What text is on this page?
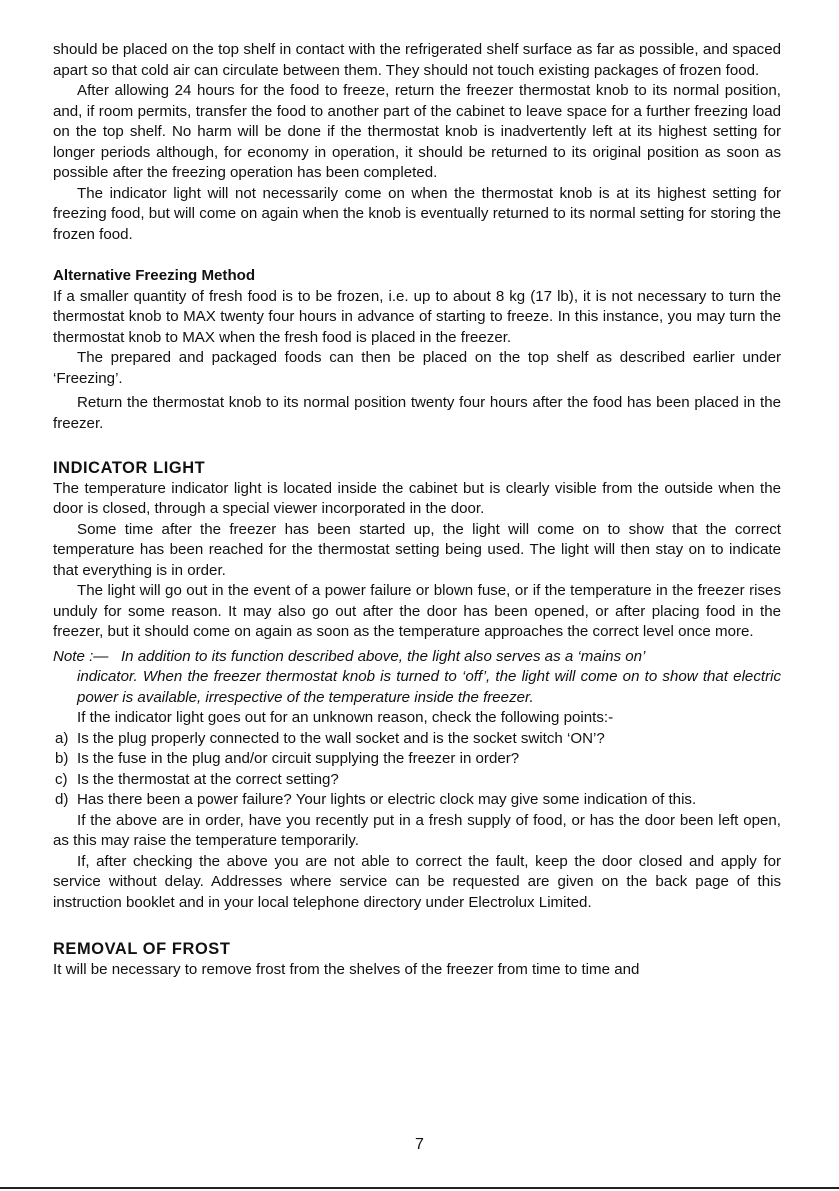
should be placed on the top shelf in contact with the refrigerated shelf surface as far as possible, and spaced apart so that cold air can circulate between them. They should not touch existing packages of frozen food.

After allowing 24 hours for the food to freeze, return the freezer thermostat knob to its normal position, and, if room permits, transfer the food to another part of the cabinet to leave space for a further freezing load on the top shelf. No harm will be done if the thermostat knob is inadvertently left at its highest setting for longer periods although, for economy in operation, it should be returned to its original position as soon as possible after the freezing operation has been completed.

The indicator light will not necessarily come on when the thermostat knob is at its highest setting for freezing food, but will come on again when the knob is eventually returned to its normal setting for storing the frozen food.

Alternative Freezing Method

If a smaller quantity of fresh food is to be frozen, i.e. up to about 8 kg (17 lb), it is not necessary to turn the thermostat knob to MAX twenty four hours in advance of starting to freeze. In this instance, you may turn the thermostat knob to MAX when the fresh food is placed in the freezer.

The prepared and packaged foods can then be placed on the top shelf as described earlier under ‘Freezing’.

Return the thermostat knob to its normal position twenty four hours after the food has been placed in the freezer.

INDICATOR LIGHT

The temperature indicator light is located inside the cabinet but is clearly visible from the outside when the door is closed, through a special viewer incorporated in the door.

Some time after the freezer has been started up, the light will come on to show that the correct temperature has been reached for the thermostat setting being used. The light will then stay on to indicate that everything is in order.

The light will go out in the event of a power failure or blown fuse, or if the temperature in the freezer rises unduly for some reason. It may also go out after the door has been opened, or after placing food in the freezer, but it should come on again as soon as the temperature approaches the correct level once more.

Note :— In addition to its function described above, the light also serves as a ‘mains on’

indicator. When the freezer thermostat knob is turned to ‘off’, the light will come on to show that electric power is available, irrespective of the temperature inside the freezer.

If the indicator light goes out for an unknown reason, check the following points:-

a) Is the plug properly connected to the wall socket and is the socket switch ‘ON’?
b) Is the fuse in the plug and/or circuit supplying the freezer in order?
c) Is the thermostat at the correct setting?
d) Has there been a power failure? Your lights or electric clock may give some indication of this.

If the above are in order, have you recently put in a fresh supply of food, or has the door been left open, as this may raise the temperature temporarily.

If, after checking the above you are not able to correct the fault, keep the door closed and apply for service without delay. Addresses where service can be requested are given on the back page of this instruction booklet and in your local telephone directory under Electrolux Limited.

REMOVAL OF FROST

It will be necessary to remove frost from the shelves of the freezer from time to time and

7
